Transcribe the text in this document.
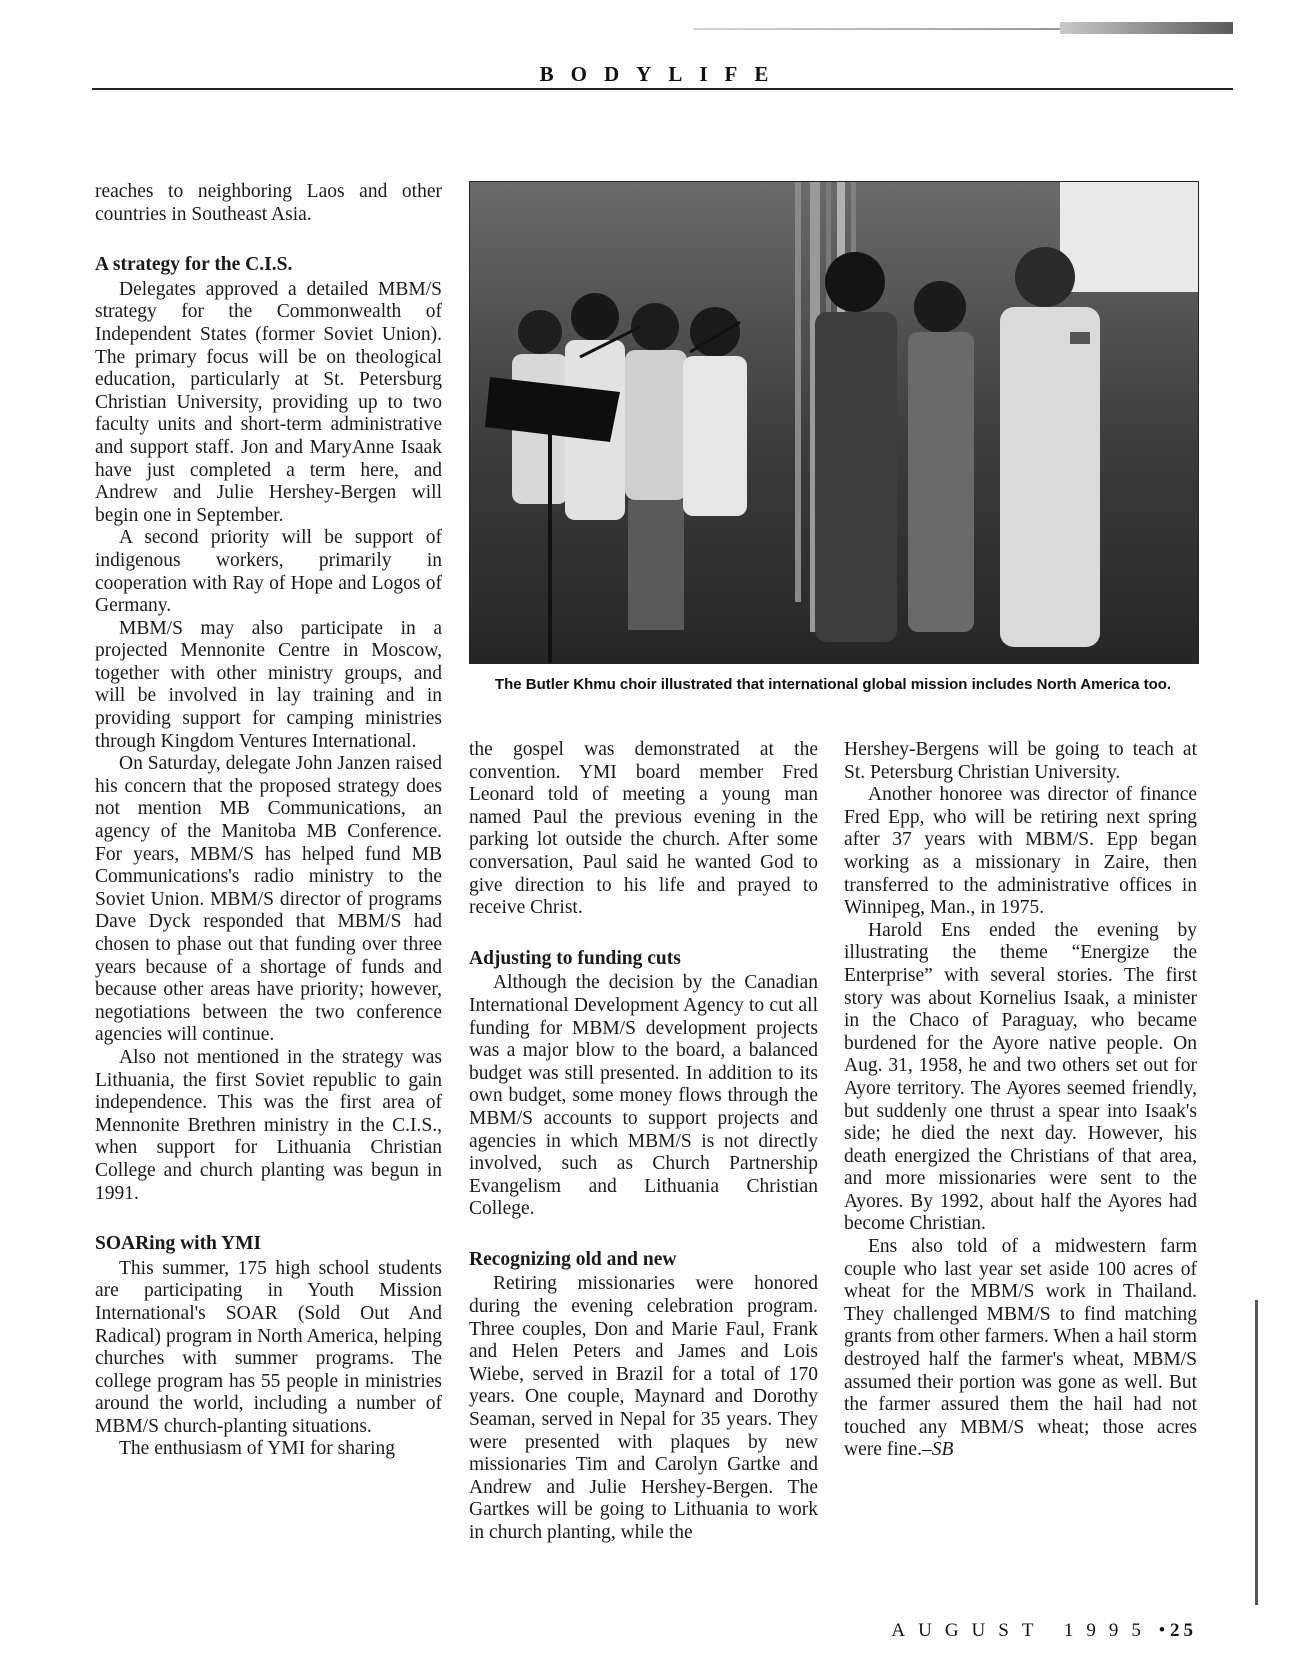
BODYLIFE

reaches to neighboring Laos and other countries in Southeast Asia.

A strategy for the C.I.S.

Delegates approved a detailed MBM/S strategy for the Commonwealth of Independent States (former Soviet Union). The primary focus will be on theological education, particularly at St. Petersburg Christian University, providing up to two faculty units and short-term administrative and support staff. Jon and MaryAnne Isaak have just completed a term here, and Andrew and Julie Hershey-Bergen will begin one in September.

A second priority will be support of indigenous workers, primarily in cooperation with Ray of Hope and Logos of Germany.

MBM/S may also participate in a projected Mennonite Centre in Moscow, together with other ministry groups, and will be involved in lay training and in providing support for camping ministries through Kingdom Ventures International.

On Saturday, delegate John Janzen raised his concern that the proposed strategy does not mention MB Communications, an agency of the Manitoba MB Conference. For years, MBM/S has helped fund MB Communications's radio ministry to the Soviet Union. MBM/S director of programs Dave Dyck responded that MBM/S had chosen to phase out that funding over three years because of a shortage of funds and because other areas have priority; however, negotiations between the two conference agencies will continue.

Also not mentioned in the strategy was Lithuania, the first Soviet republic to gain independence. This was the first area of Mennonite Brethren ministry in the C.I.S., when support for Lithuania Christian College and church planting was begun in 1991.

SOARing with YMI

This summer, 175 high school students are participating in Youth Mission International's SOAR (Sold Out And Radical) program in North America, helping churches with summer programs. The college program has 55 people in ministries around the world, including a number of MBM/S church-planting situations.

The enthusiasm of YMI for sharing

The Butler Khmu choir illustrated that international global mission includes North America too.

the gospel was demonstrated at the convention. YMI board member Fred Leonard told of meeting a young man named Paul the previous evening in the parking lot outside the church. After some conversation, Paul said he wanted God to give direction to his life and prayed to receive Christ.

Adjusting to funding cuts

Although the decision by the Canadian International Development Agency to cut all funding for MBM/S development projects was a major blow to the board, a balanced budget was still presented. In addition to its own budget, some money flows through the MBM/S accounts to support projects and agencies in which MBM/S is not directly involved, such as Church Partnership Evangelism and Lithuania Christian College.

Recognizing old and new

Retiring missionaries were honored during the evening celebration program. Three couples, Don and Marie Faul, Frank and Helen Peters and James and Lois Wiebe, served in Brazil for a total of 170 years. One couple, Maynard and Dorothy Seaman, served in Nepal for 35 years. They were presented with plaques by new missionaries Tim and Carolyn Gartke and Andrew and Julie Hershey-Bergen. The Gartkes will be going to Lithuania to work in church planting, while the

Hershey-Bergens will be going to teach at St. Petersburg Christian University.

Another honoree was director of finance Fred Epp, who will be retiring next spring after 37 years with MBM/S. Epp began working as a missionary in Zaire, then transferred to the administrative offices in Winnipeg, Man., in 1975.

Harold Ens ended the evening by illustrating the theme “Energize the Enterprise” with several stories. The first story was about Kornelius Isaak, a minister in the Chaco of Paraguay, who became burdened for the Ayore native people. On Aug. 31, 1958, he and two others set out for Ayore territory. The Ayores seemed friendly, but suddenly one thrust a spear into Isaak's side; he died the next day. However, his death energized the Christians of that area, and more missionaries were sent to the Ayores. By 1992, about half the Ayores had become Christian.

Ens also told of a midwestern farm couple who last year set aside 100 acres of wheat for the MBM/S work in Thailand. They challenged MBM/S to find matching grants from other farmers. When a hail storm destroyed half the farmer's wheat, MBM/S assumed their portion was gone as well. But the farmer assured them the hail had not touched any MBM/S wheat; those acres were fine.–SB

AUGUST 1995 • 25
